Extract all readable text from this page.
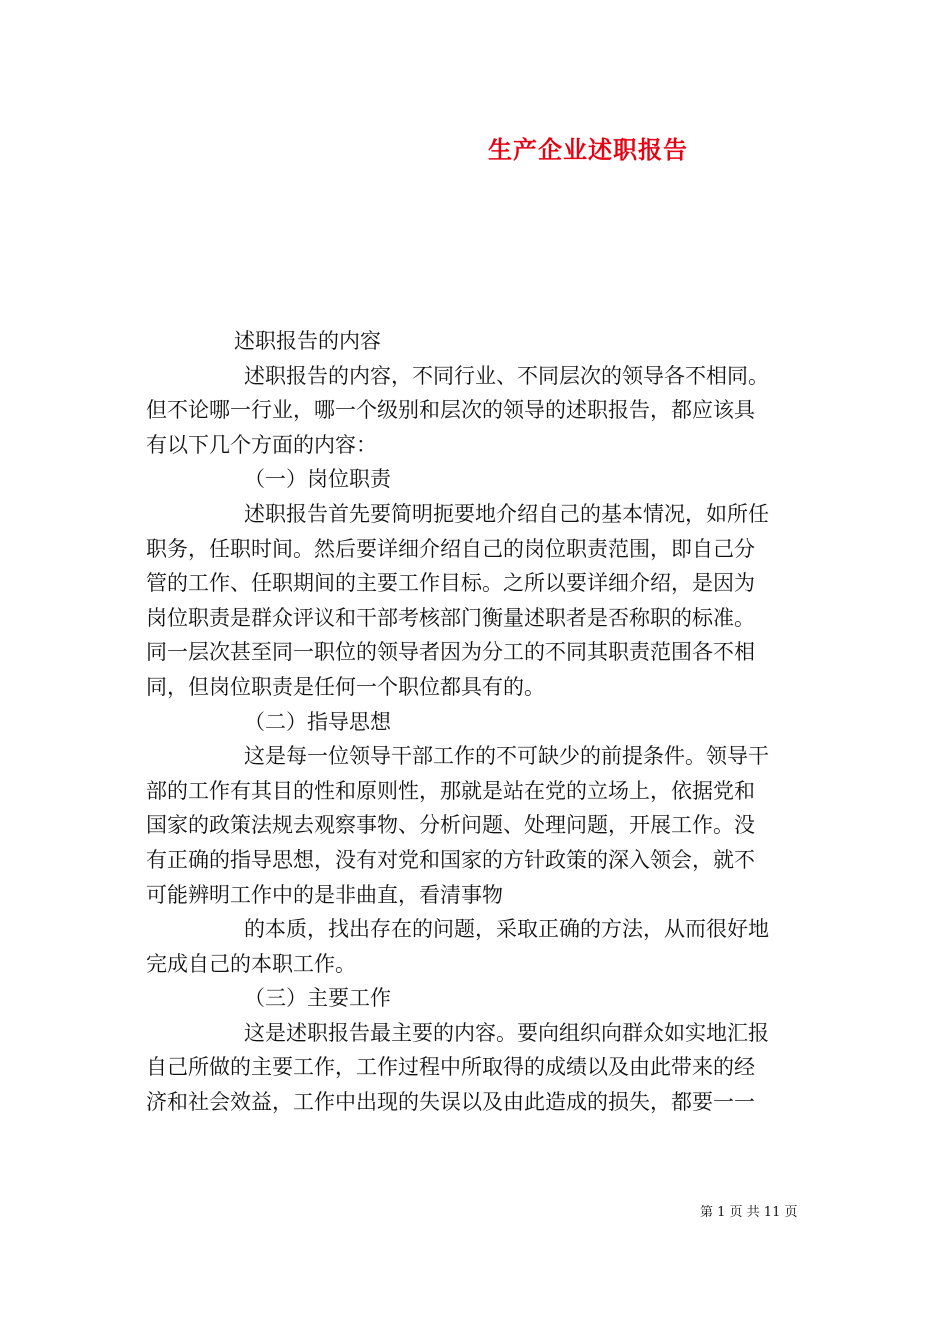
生产企业述职报告
述职报告的内容
述职报告的内容，不同行业、不同层次的领导各不相同。
但不论哪一行业，哪一个级别和层次的领导的述职报告，都应该具
有以下几个方面的内容：
（一）岗位职责
述职报告首先要简明扼要地介绍自己的基本情况，如所任
职务，任职时间。然后要详细介绍自己的岗位职责范围，即自己分
管的工作、任职期间的主要工作目标。之所以要详细介绍，是因为
岗位职责是群众评议和干部考核部门衡量述职者是否称职的标准。
同一层次甚至同一职位的领导者因为分工的不同其职责范围各不相
同，但岗位职责是任何一个职位都具有的。
（二）指导思想
这是每一位领导干部工作的不可缺少的前提条件。领导干
部的工作有其目的性和原则性，那就是站在党的立场上，依据党和
国家的政策法规去观察事物、分析问题、处理问题，开展工作。没
有正确的指导思想，没有对党和国家的方针政策的深入领会，就不
可能辨明工作中的是非曲直，看清事物
的本质，找出存在的问题，采取正确的方法，从而很好地
完成自己的本职工作。
（三）主要工作
这是述职报告最主要的内容。要向组织向群众如实地汇报
自己所做的主要工作，工作过程中所取得的成绩以及由此带来的经
济和社会效益，工作中出现的失误以及由此造成的损失，都要一一
第 1 页 共 11 页
